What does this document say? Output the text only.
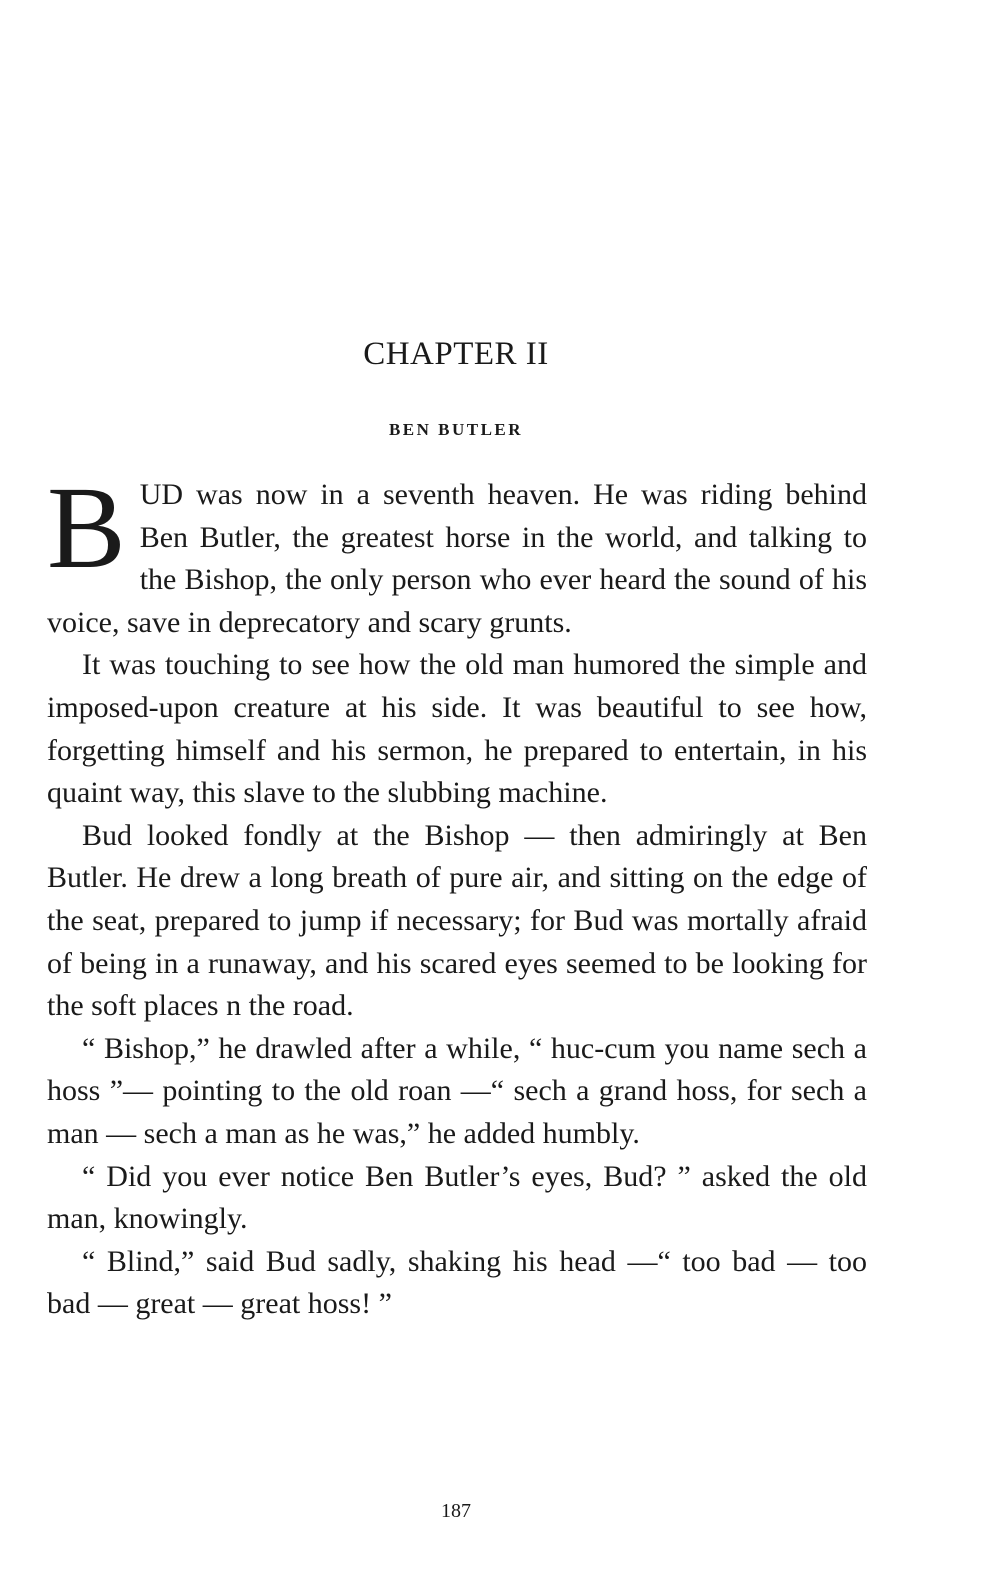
CHAPTER II
BEN BUTLER

BUD was now in a seventh heaven. He was riding behind Ben Butler, the greatest horse in the world, and talking to the Bishop, the only person who ever heard the sound of his voice, save in deprecatory and scary grunts.

It was touching to see how the old man humored the simple and imposed-upon creature at his side. It was beautiful to see how, forgetting himself and his sermon, he prepared to entertain, in his quaint way, this slave to the slubbing machine.

Bud looked fondly at the Bishop — then admiringly at Ben Butler. He drew a long breath of pure air, and sitting on the edge of the seat, prepared to jump if necessary; for Bud was mortally afraid of being in a runaway, and his scared eyes seemed to be looking for the soft places n the road.

“ Bishop,” he drawled after a while, “ huc-cum you name sech a hoss ”— pointing to the old roan —“ sech a grand hoss, for sech a man — sech a man as he was,” he added humbly.

“ Did you ever notice Ben Butler’s eyes, Bud? ” asked the old man, knowingly.

“ Blind,” said Bud sadly, shaking his head —“ too bad — too bad — great — great hoss! ”

187
